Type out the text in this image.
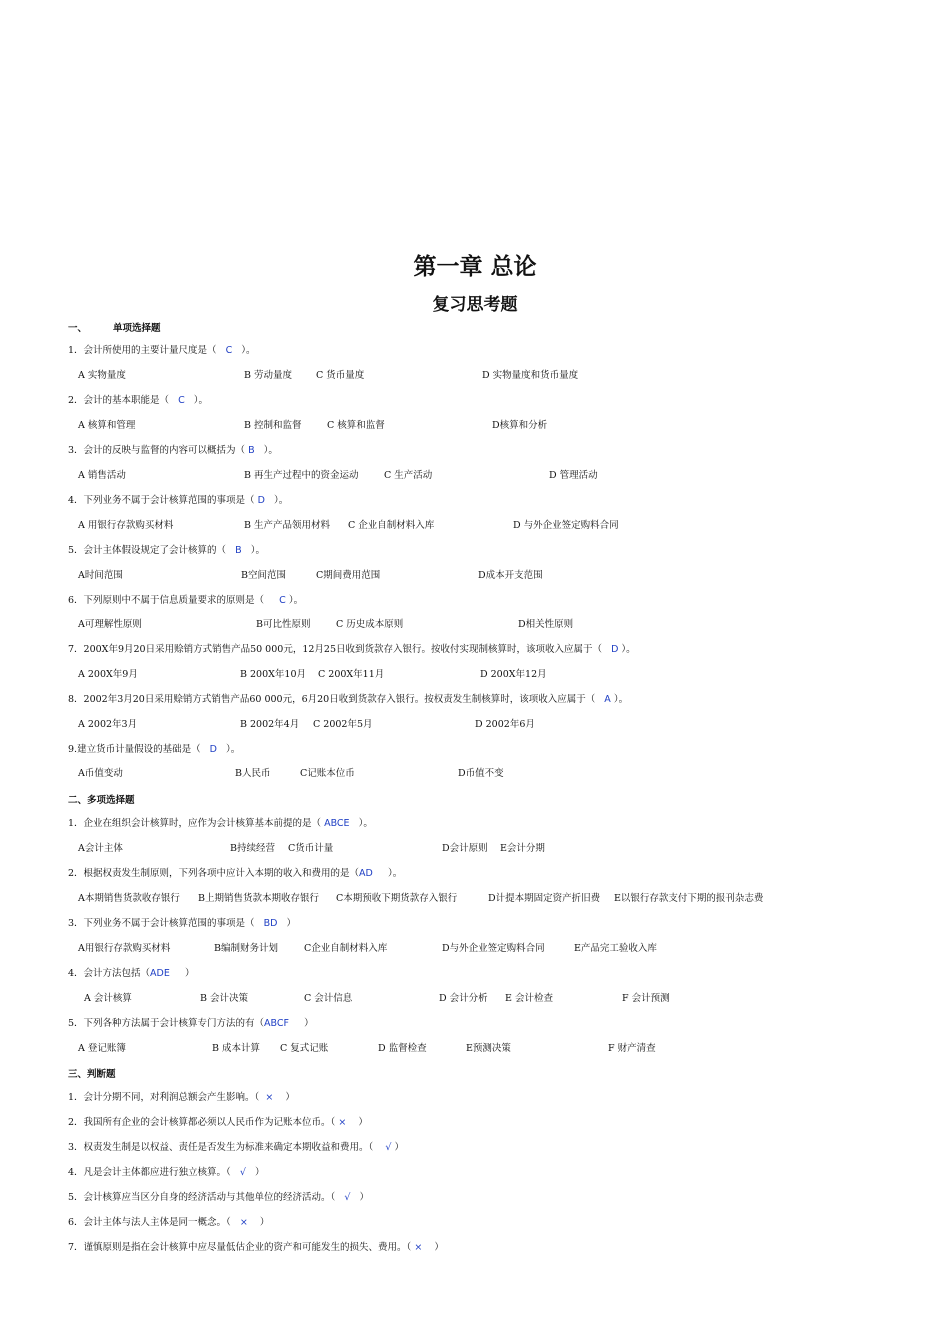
第一章 总论
复习思考题
一、	单项选择题
1．会计所使用的主要计量尺度是（   C   ）。

A 实物量度

	B 劳动量度

	C 货币量度

	D 实物量度和货币量度

2．会计的基本职能是（   C   ）。

A 核算和管理

	B 控制和监督

	C 核算和监督

	D核算和分析

3．会计的反映与监督的内容可以概括为（ B   ）。

A 销售活动

	B 再生产过程中的资金运动

	C 生产活动

	D 管理活动

4．下列业务不属于会计核算范围的事项是（ D   ）。

A 用银行存款购买材料

	B 生产产品领用材料

C 企业自制材料入库

	D 与外企业签定购料合同

5．会计主体假设规定了会计核算的（   B   ）。

A时间范围

	B空间范围

	C期间费用范围

	D成本开支范围

6．下列原则中不属于信息质量要求的原则是（     C ）。

A可理解性原则

	B可比性原则

	C 历史成本原则

	D相关性原则

7．200X年9月20日采用赊销方式销售产品50 000元，12月25日收到货款存入银行。按收付实现制核算时，该项收入应属于（   D ）。

A 200X年9月

	B 200X年10月

C 200X年11月

	D 200X年12月

8．2002年3月20日采用赊销方式销售产品60 000元，6月20日收到货款存入银行。按权责发生制核算时，该项收入应属于（   A ）。

A 2002年3月

	B 2002年4月

C 2002年5月

	D 2002年6月

9.建立货币计量假设的基础是（   D   ）。

A币值变动

	B人民币

	C记账本位币

	D币值不变

二、多项选择题
1．企业在组织会计核算时，应作为会计核算基本前提的是（ ABCE   ）。

A会计主体

	B持续经营

C货币计量

	D会计原则

E会计分期

2．根据权责发生制原则，下列各项中应计入本期的收入和费用的是（AD     ）。

A本期销售货款收存银行

B上期销售货款本期收存银行

C本期预收下期货款存入银行

	D计提本期固定资产折旧费

E以银行存款支付下期的报刊杂志费

3．下列业务不属于会计核算范围的事项是（   BD   ）

A用银行存款购买材料

	B编制财务计划

	C企业自制材料入库

	D与外企业签定购料合同

	E产品完工验收入库

4．会计方法包括（ADE     ）

A 会计核算

	B 会计决策

	C 会计信息

	D 会计分析

E 会计检查

	F 会计预测

5．下列各种方法属于会计核算专门方法的有（ABCF     ）

A 登记账簿

	B 成本计算

C 复式记账

	D 监督检查

	E预测决策

	F 财产清查

三、判断题
1．会计分期不同，对利润总额会产生影响。（  ×    ）
2．我国所有企业的会计核算都必须以人民币作为记账本位币。（ ×    ）
3．权责发生制是以权益、责任是否发生为标准来确定本期收益和费用。（    √ ）
4．凡是会计主体都应进行独立核算。（   √   ）
5．会计核算应当区分自身的经济活动与其他单位的经济活动。（   √   ）
6．会计主体与法人主体是同一概念。（   ×    ）
7．谨慎原则是指在会计核算中应尽量低估企业的资产和可能发生的损失、费用。（ ×    ）
